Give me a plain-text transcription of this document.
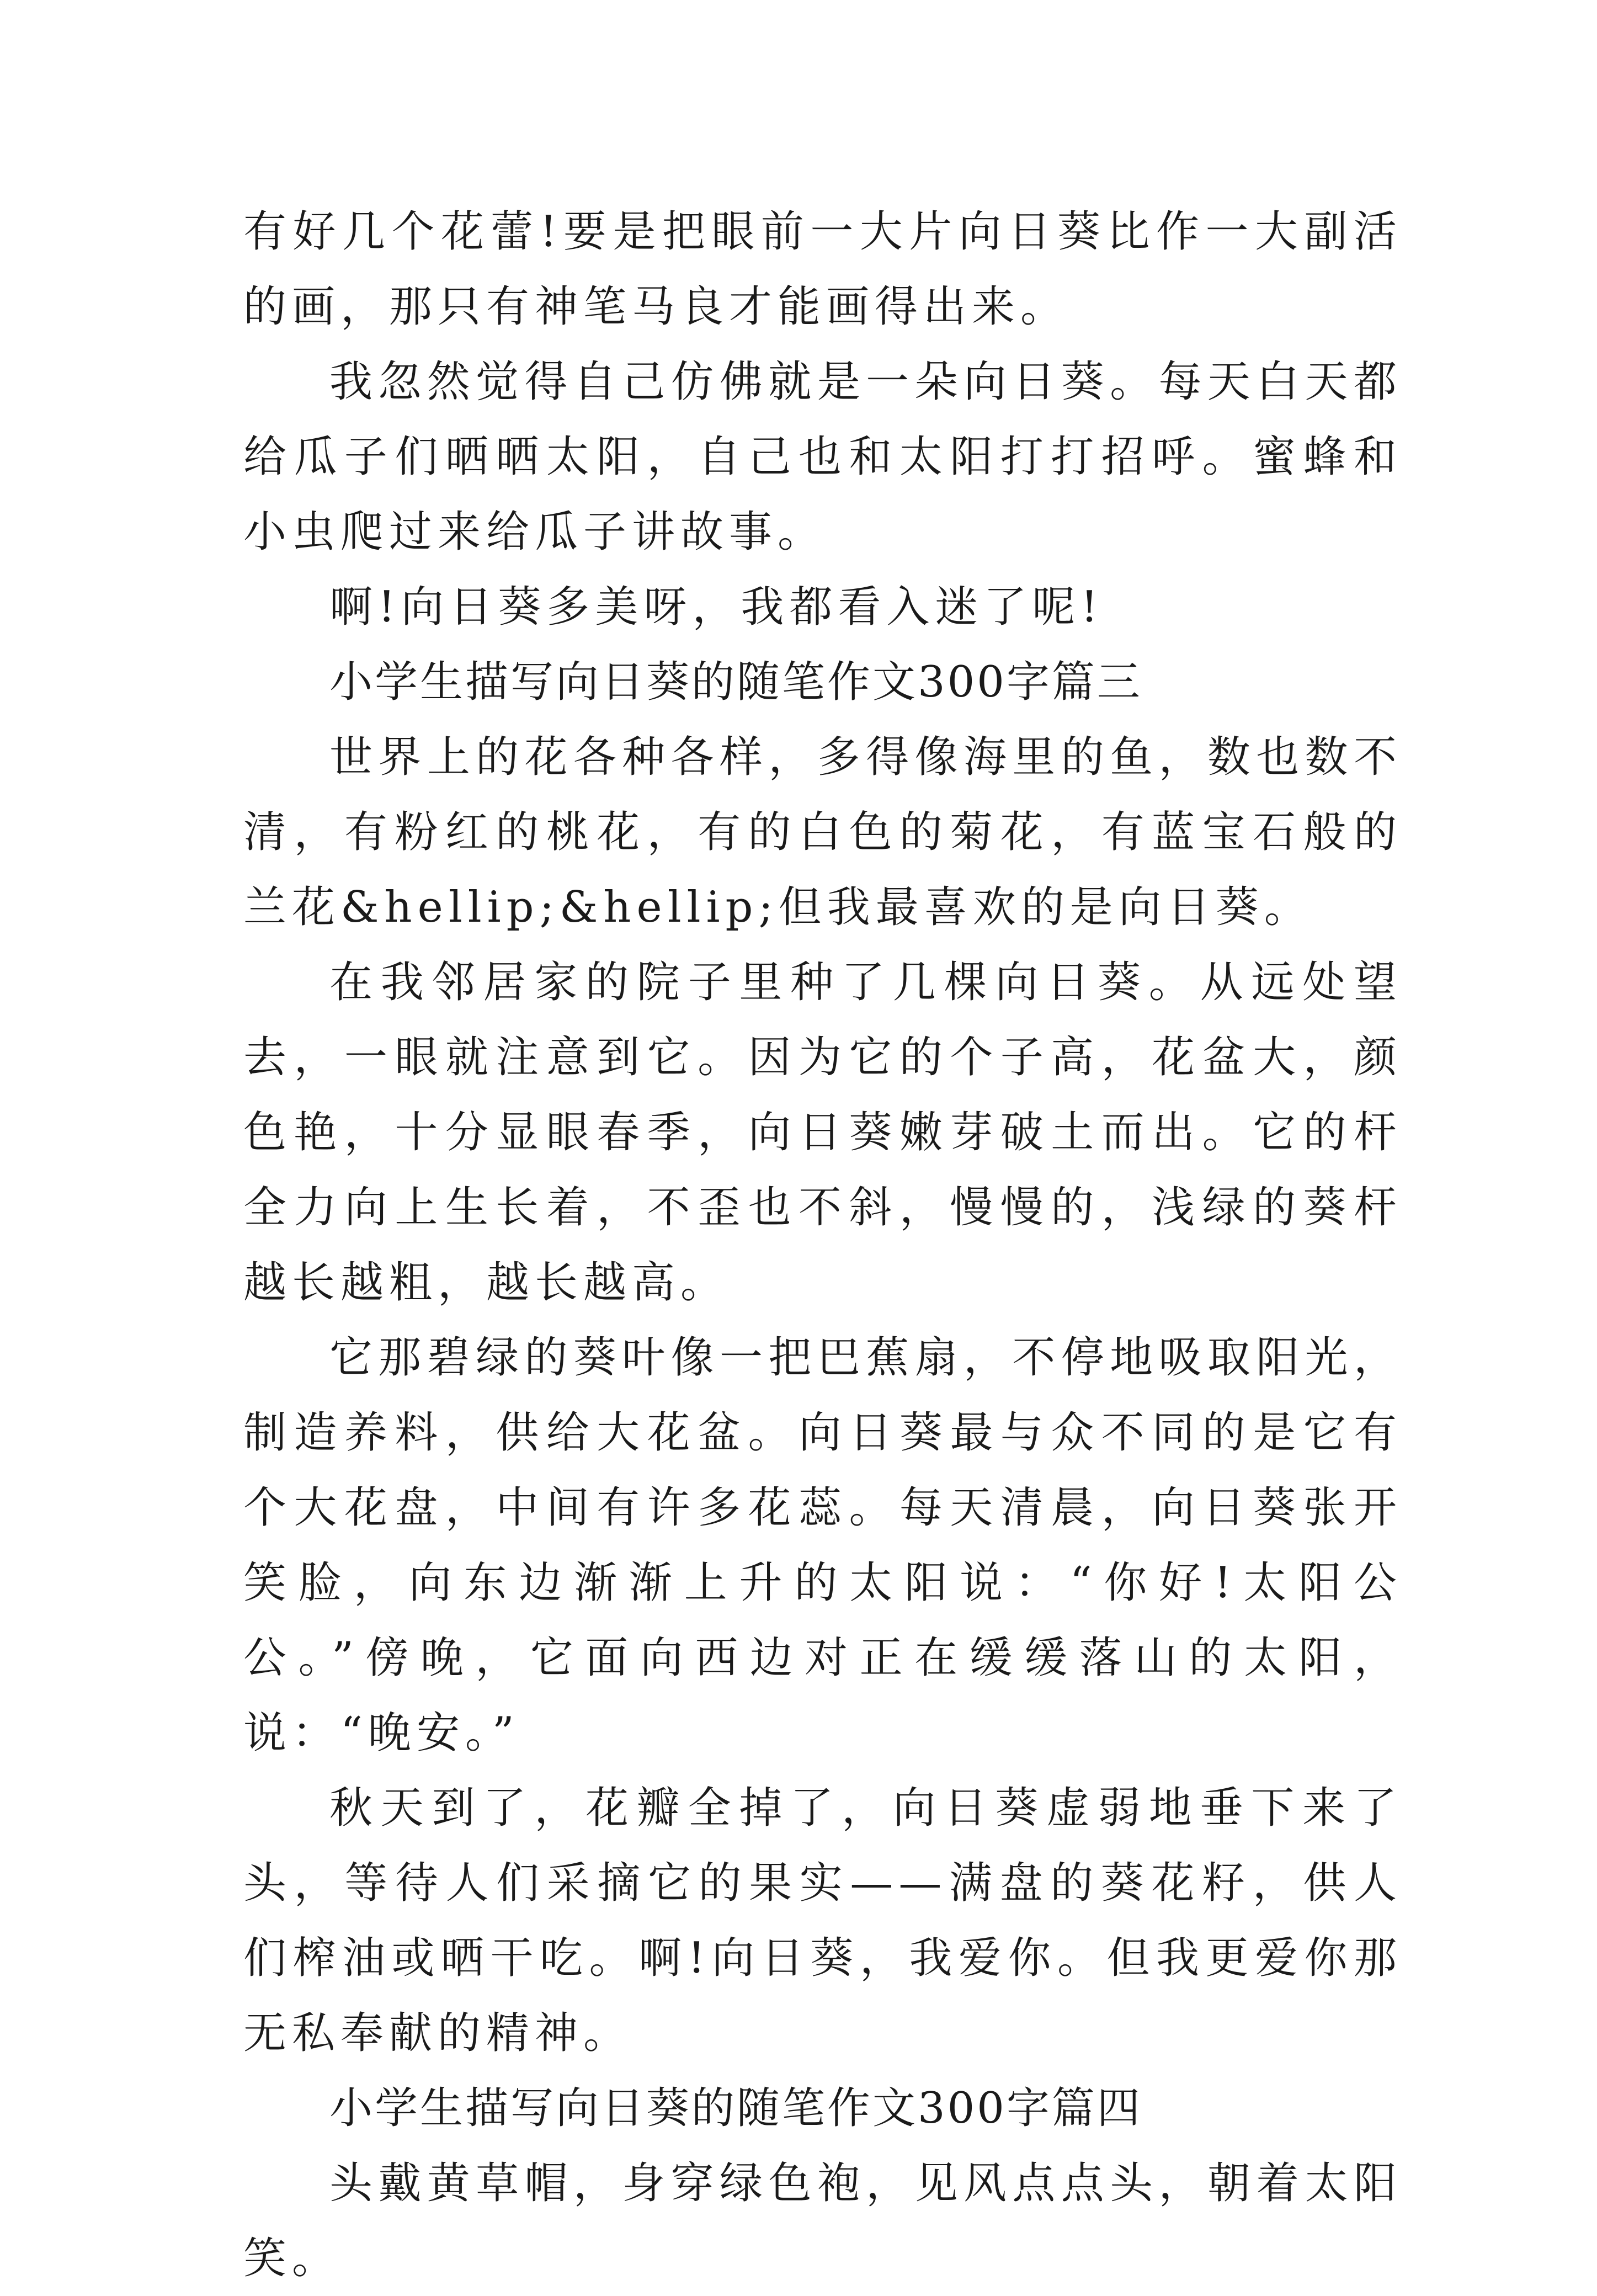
有好几个花蕾!要是把眼前一大片向日葵比作一大副活的画，那只有神笔马良才能画得出来。

我忽然觉得自己仿佛就是一朵向日葵。每天白天都给瓜子们晒晒太阳，自己也和太阳打打招呼。蜜蜂和小虫爬过来给瓜子讲故事。

啊!向日葵多美呀，我都看入迷了呢!

小学生描写向日葵的随笔作文300字篇三

世界上的花各种各样，多得像海里的鱼，数也数不清，有粉红的桃花，有的白色的菊花，有蓝宝石般的兰花&hellip;&hellip;但我最喜欢的是向日葵。

在我邻居家的院子里种了几棵向日葵。从远处望去，一眼就注意到它。因为它的个子高，花盆大，颜色艳，十分显眼春季，向日葵嫩芽破土而出。它的杆全力向上生长着，不歪也不斜，慢慢的，浅绿的葵杆越长越粗，越长越高。

它那碧绿的葵叶像一把巴蕉扇，不停地吸取阳光，制造养料，供给大花盆。向日葵最与众不同的是它有个大花盘，中间有许多花蕊。每天清晨，向日葵张开笑脸，向东边渐渐上升的太阳说：“你好!太阳公公。”傍晚，它面向西边对正在缓缓落山的太阳，说：“晚安。”

秋天到了，花瓣全掉了，向日葵虚弱地垂下来了头，等待人们采摘它的果实——满盘的葵花籽，供人们榨油或晒干吃。啊!向日葵，我爱你。但我更爱你那无私奉献的精神。

小学生描写向日葵的随笔作文300字篇四

头戴黄草帽，身穿绿色袍，见风点点头，朝着太阳笑。
